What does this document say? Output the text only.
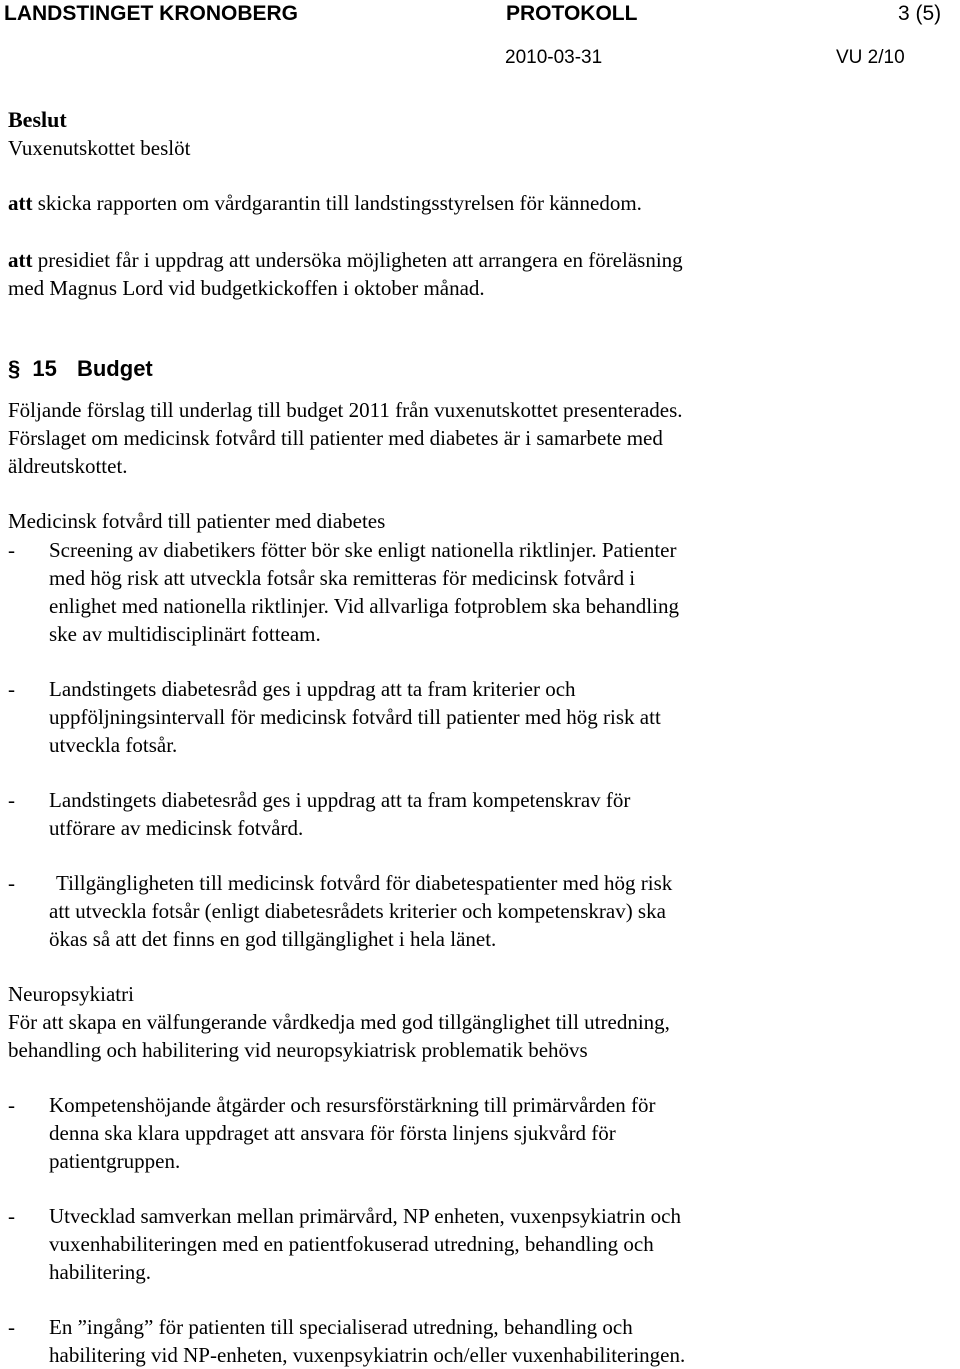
LANDSTINGET KRONOBERG	PROTOKOLL	3 (5)
2010-03-31	VU 2/10
Beslut
Vuxenutskottet beslöt
att skicka rapporten om vårdgarantin till landstingsstyrelsen för kännedom.
att presidiet får i uppdrag att undersöka möjligheten att arrangera en föreläsning
med Magnus Lord vid budgetkickoffen i oktober månad.
§ 15 Budget
Följande förslag till underlag till budget 2011 från vuxenutskottet presenterades.
Förslaget om medicinsk fotvård till patienter med diabetes är i samarbete med
äldreutskottet.
Medicinsk fotvård till patienter med diabetes
- Screening av diabetikers fötter bör ske enligt nationella riktlinjer. Patienter
med hög risk att utveckla fotsår ska remitteras för medicinsk fotvård i
enlighet med nationella riktlinjer. Vid allvarliga fotproblem ska behandling
ske av multidisciplinärt fotteam.
- Landstingets diabetesråd ges i uppdrag att ta fram kriterier och
uppföljningsintervall för medicinsk fotvård till patienter med hög risk att
utveckla fotsår.
- Landstingets diabetesråd ges i uppdrag att ta fram kompetenskrav för
utförare av medicinsk fotvård.
- Tillgängligheten till medicinsk fotvård för diabetespatienter med hög risk
att utveckla fotsår (enligt diabetesrådets kriterier och kompetenskrav) ska
ökas så att det finns en god tillgänglighet i hela länet.
Neuropsykiatri
För att skapa en välfungerande vårdkedja med god tillgänglighet till utredning,
behandling och habilitering vid neuropsykiatrisk problematik behövs
- Kompetenshöjande åtgärder och resursförstärkning till primärvården för
denna ska klara uppdraget att ansvara för första linjens sjukvård för
patientgruppen.
- Utvecklad samverkan mellan primärvård, NP enheten, vuxenpsykiatrin och
vuxenhabiliteringen med en patientfokuserad utredning, behandling och
habilitering.
- En ”ingång” för patienten till specialiserad utredning, behandling och
habilitering vid NP-enheten, vuxenpsykiatrin och/eller vuxenhabiliteringen.
